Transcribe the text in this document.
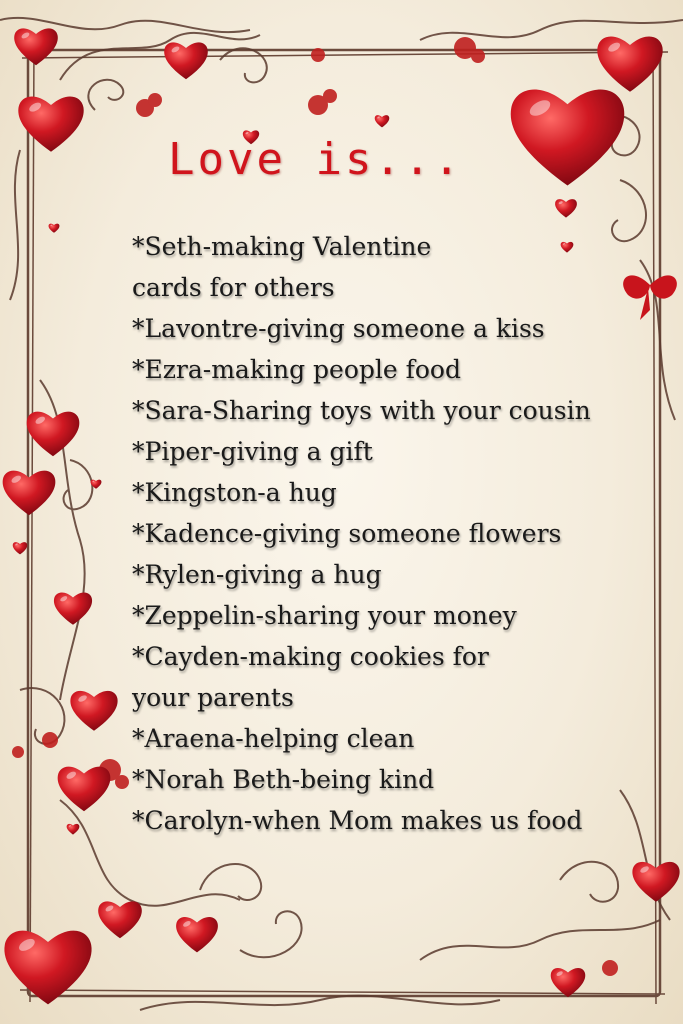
Love is...
*Seth-making Valentine
cards for others
*Lavontre-giving someone a kiss
*Ezra-making people food
*Sara-Sharing toys with your cousin
*Piper-giving a gift
*Kingston-a hug
*Kadence-giving someone flowers
*Rylen-giving a hug
*Zeppelin-sharing your money
*Cayden-making cookies for
your parents
*Araena-helping clean
*Norah Beth-being kind
*Carolyn-when Mom makes us food
